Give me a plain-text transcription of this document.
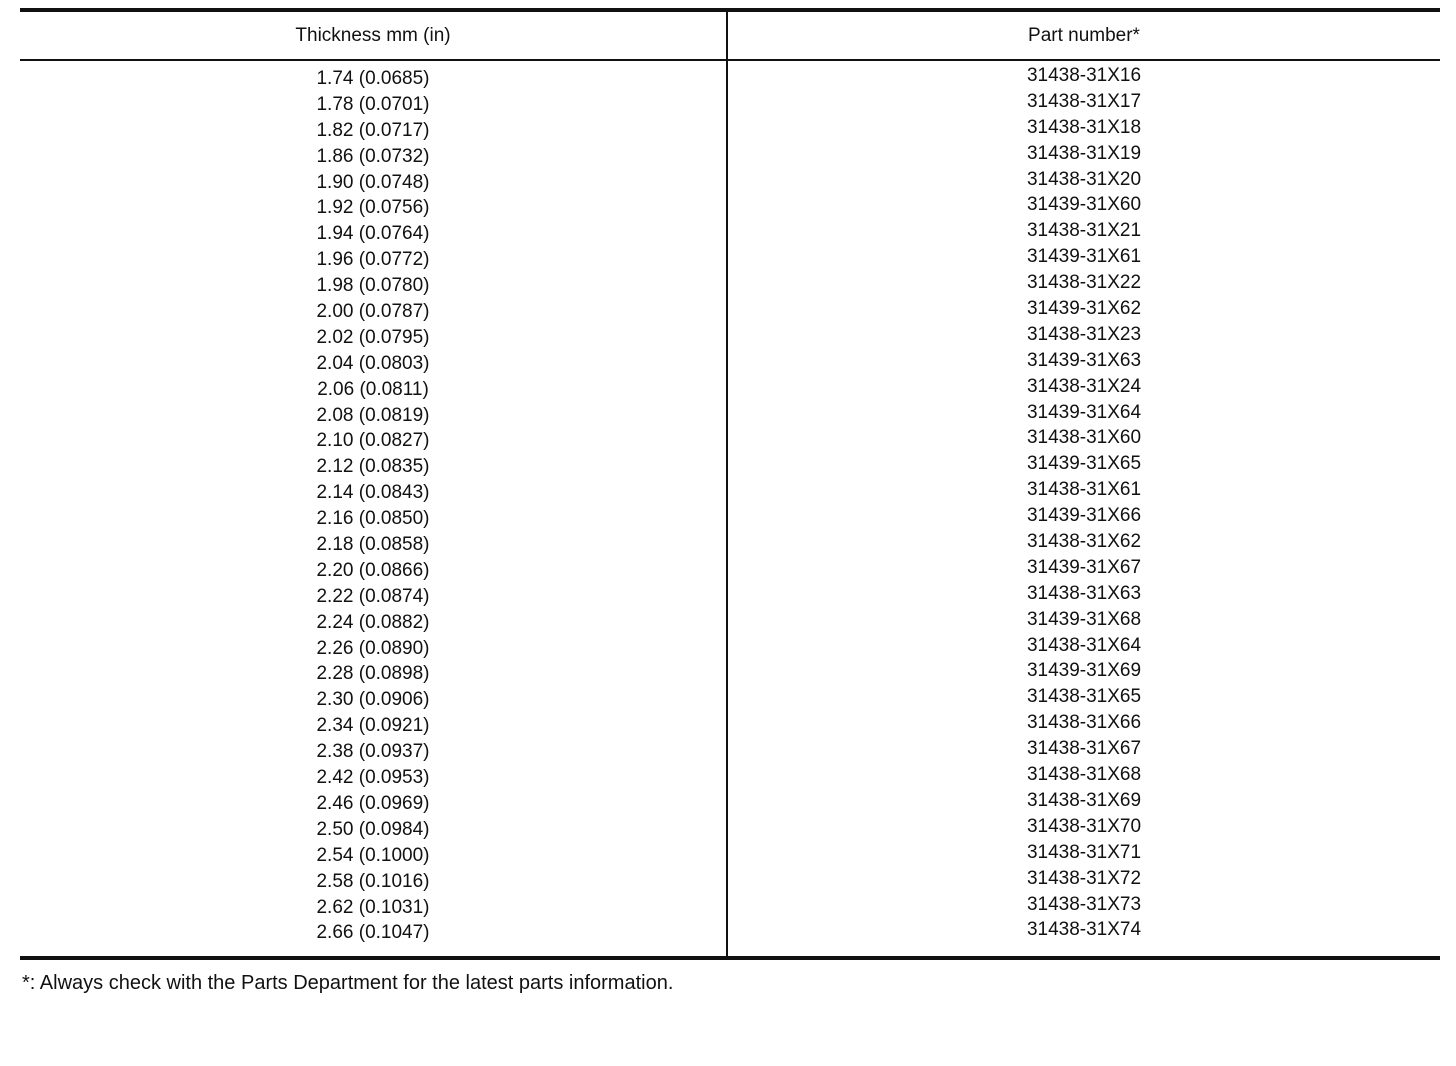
Thickness mm (in)	Part number*
1.74 (0.0685)
1.78 (0.0701)
1.82 (0.0717)
1.86 (0.0732)
1.90 (0.0748)
1.92 (0.0756)
1.94 (0.0764)
1.96 (0.0772)
1.98 (0.0780)
2.00 (0.0787)
2.02 (0.0795)
2.04 (0.0803)
2.06 (0.0811)
2.08 (0.0819)
2.10 (0.0827)
2.12 (0.0835)
2.14 (0.0843)
2.16 (0.0850)
2.18 (0.0858)
2.20 (0.0866)
2.22 (0.0874)
2.24 (0.0882)
2.26 (0.0890)
2.28 (0.0898)
2.30 (0.0906)
2.34 (0.0921)
2.38 (0.0937)
2.42 (0.0953)
2.46 (0.0969)
2.50 (0.0984)
2.54 (0.1000)
2.58 (0.1016)
2.62 (0.1031)
2.66 (0.1047)
31438-31X16
31438-31X17
31438-31X18
31438-31X19
31438-31X20
31439-31X60
31438-31X21
31439-31X61
31438-31X22
31439-31X62
31438-31X23
31439-31X63
31438-31X24
31439-31X64
31438-31X60
31439-31X65
31438-31X61
31439-31X66
31438-31X62
31439-31X67
31438-31X63
31439-31X68
31438-31X64
31439-31X69
31438-31X65
31438-31X66
31438-31X67
31438-31X68
31438-31X69
31438-31X70
31438-31X71
31438-31X72
31438-31X73
31438-31X74
*: Always check with the Parts Department for the latest parts information.
